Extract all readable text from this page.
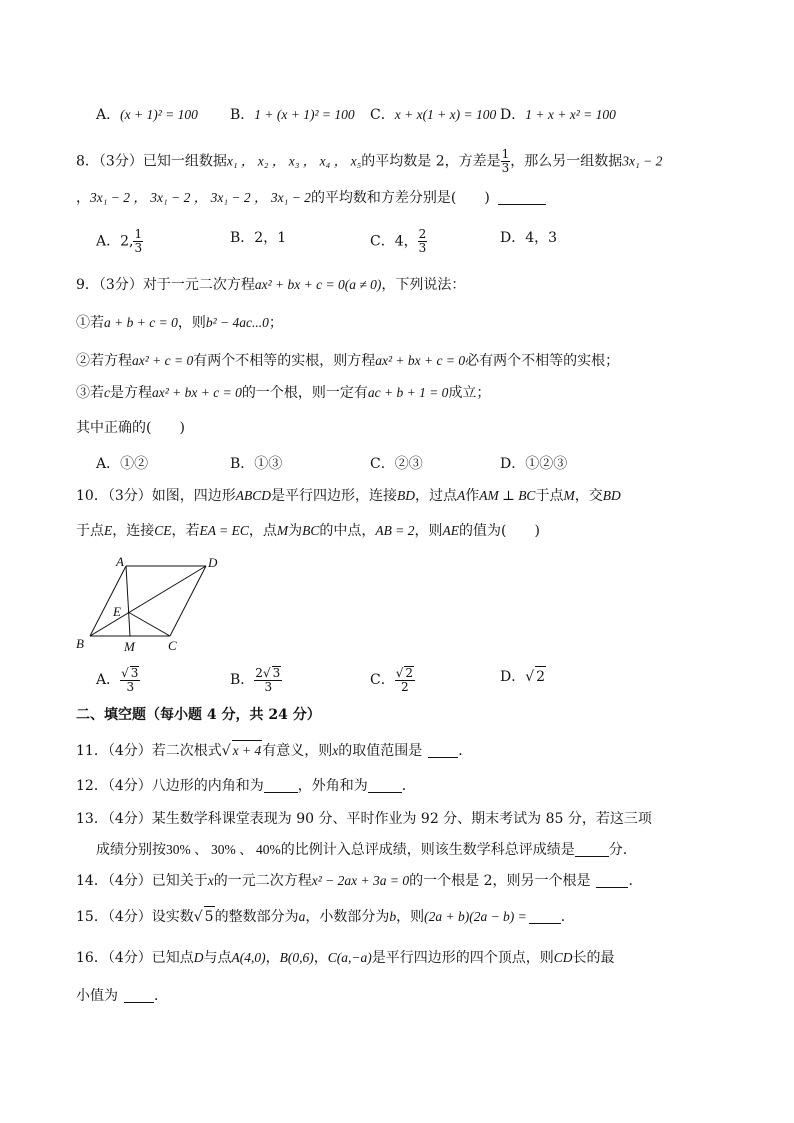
A．(x + 1)² = 100 B．1 + (x + 1)² = 100 C．x + x(1 + x) = 100 D．1 + x + x² = 100
8．（3分）已知一组数据x₁ ， x₂ ， x₃ ， x₄ ， x₅的平均数是 2，方差是 $\frac{1}{3}$ ，那么另一组数据3x₁ − 2
，3x₁ − 2 ， 3x₁ − 2 ， 3x₁ − 2 ， 3x₁ − 2的平均数和方差分别是(　　)
A．2, $\frac{1}{3}$	B．2，1	C．4， $\frac{2}{3}$	D．4，3
9．（3分）对于一元二次方程ax² + bx + c = 0(a ≠ 0)，下列说法：
①若a + b + c = 0，则b² − 4ac...0；
②若方程ax² + c = 0有两个不相等的实根，则方程ax² + bx + c = 0必有两个不相等的实根；
③若c是方程ax² + bx + c = 0的一个根，则一定有ac + b + 1 = 0成立；
其中正确的(　　)
A．①②	B．①③	C．②③	D．①②③
10．（3分）如图，四边形ABCD是平行四边形，连接BD，过点A作AM ⊥ BC于点M，交BD
于点E，连接CE，若EA = EC，点M为BC的中点，AB = 2，则AE的值为(　　)
A	D
E
B	M	C
A． $\frac{√ 3}{3}$	B． $\frac{2√ 3}{3}$	C． $\frac{√ 2}{2}$	D．√ 2
二、填空题（每小题 4 分，共 24 分）
11．（4分）若二次根式√ x + 4有意义，则x的取值范围是	．
12．（4分）八边形的内角和为 ，外角和为 ．
13．（4分）某生数学科课堂表现为 90 分、平时作业为 92 分、期末考试为 85 分，若这三项
成绩分别按30% 、 30% 、 40%的比例计入总评成绩，则该生数学科总评成绩是 分.
14．（4分）已知关于x的一元二次方程x² − 2ax + 3a = 0的一个根是 2，则另一个根是	．
15．（4分）设实数√ 5的整数部分为a，小数部分为b，则(2a + b)(2a − b) = ．
16．（4分）已知点D与点A(4,0)，B(0,6)，C(a,−a)是平行四边形的四个顶点，则CD长的最
小值为	．
